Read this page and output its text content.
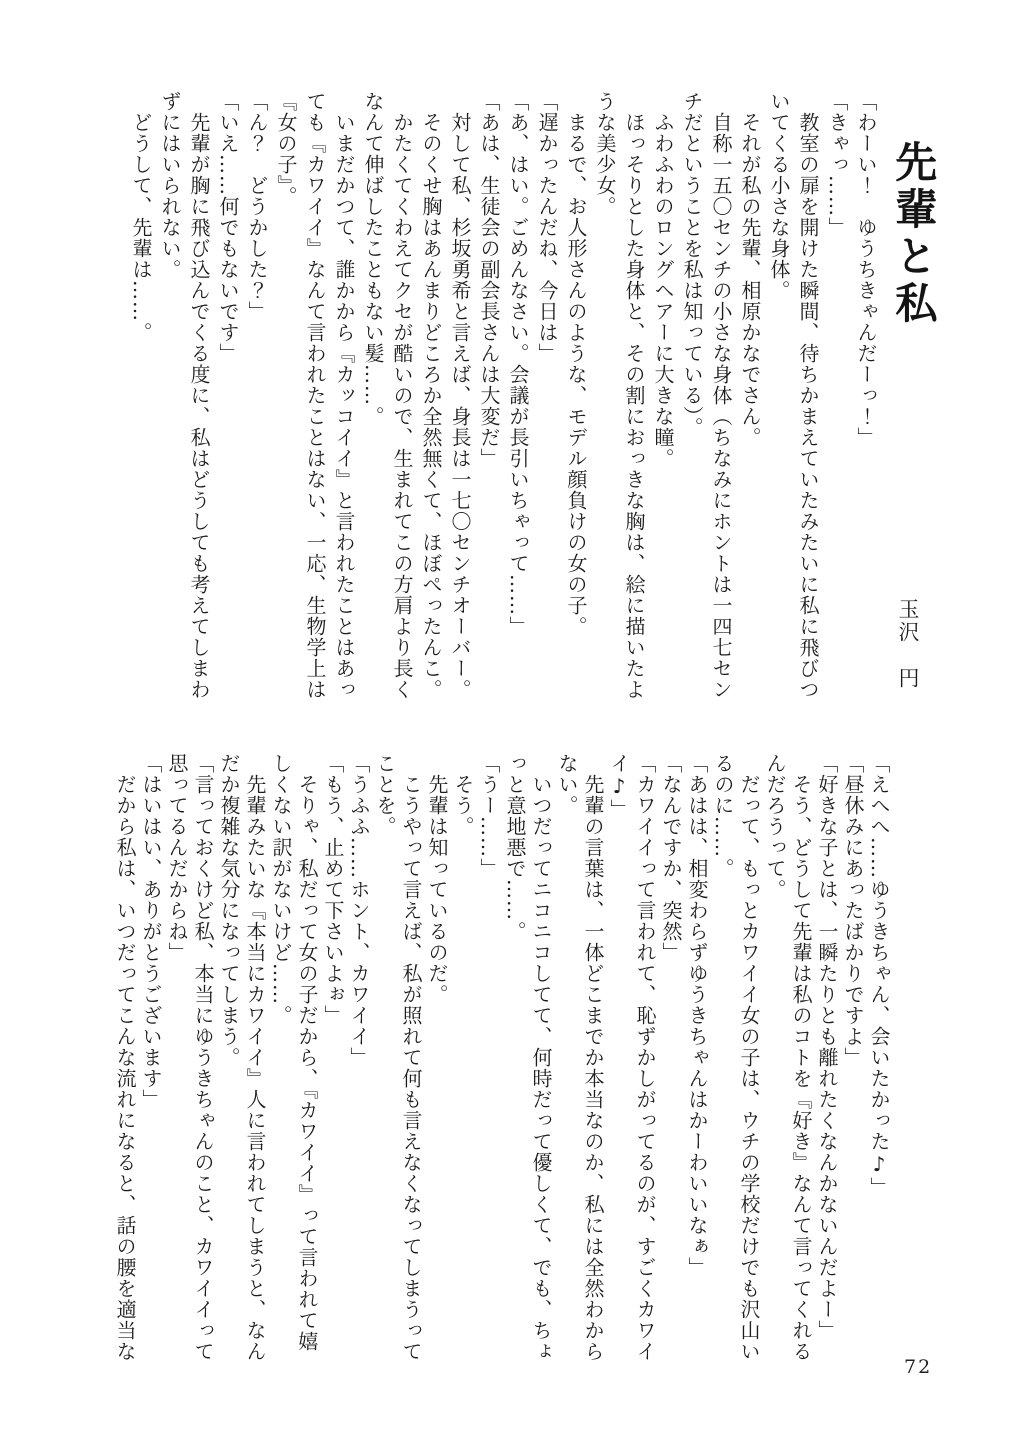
先輩と私
玉沢　円
「わーい！　ゆうちきゃんだーっ！」
「きゃっ……」
　教室の扉を開けた瞬間、待ちかまえていたみたいに私に飛びつ
いてくる小さな身体。
　それが私の先輩、相原かなでさん。
　自称一五〇センチの小さな身体（ちなみにホントは一四七セン
チだということを私は知っている）。
　ふわふわのロングヘアーに大きな瞳。
　ほっそりとした身体と、その割におっきな胸は、絵に描いたよ
うな美少女。
　まるで、お人形さんのような、モデル顔負けの女の子。
「遅かったんだね、今日は」
「あ、はい。ごめんなさい。会議が長引いちゃって……」
「あは、生徒会の副会長さんは大変だ」
　対して私、杉坂勇希と言えば、身長は一七〇センチオーバー。
　そのくせ胸はあんまりどころか全然無くて、ほぼぺったんこ。
　かたくてくわえてクセが酷いので、生まれてこの方肩より長く
なんて伸ばしたこともない髪……。
　いまだかつて、誰かから『カッコイイ』と言われたことはあっ
ても『カワイイ』なんて言われたことはない、一応、生物学上は
『女の子』。
「ん？　どうかした？」
「いえ……何でもないです」
　先輩が胸に飛び込んでくる度に、私はどうしても考えてしまわ
ずにはいられない。
　どうして、先輩は……。
「えへへ……ゆうきちゃん、会いたかった♪」
「昼休みにあったばかりですよ」
「好きな子とは、一瞬たりとも離れたくなんかないんだよー」
　そう、どうして先輩は私のコトを『好き』なんて言ってくれる
んだろうって。
　だって、もっとカワイイ女の子は、ウチの学校だけでも沢山い
るのに……。
「あはは、相変わらずゆうきちゃんはかーわいいなぁ」
「なんですか、突然」
「カワイイって言われて、恥ずかしがってるのが、すごくカワイ
イ♪」
　先輩の言葉は、一体どこまでか本当なのか、私には全然わから
ない。
　いつだってニコニコしてて、何時だって優しくて、でも、ちょ
っと意地悪で……。
「うー……」
　そう。
　先輩は知っているのだ。
　こうやって言えば、私が照れて何も言えなくなってしまうって
ことを。
「うふふ……ホント、カワイイ」
「もう、止めて下さいよぉ」
　そりゃ、私だって女の子だから、『カワイイ』って言われて嬉
しくない訳がないけど……。
　先輩みたいな『本当にカワイイ』人に言われてしまうと、なん
だか複雑な気分になってしまう。
「言っておくけど私、本当にゆうきちゃんのこと、カワイイって
思ってるんだからね」
「はいはい、ありがとうございます」
　だから私は、いつだってこんな流れになると、話の腰を適当な
72
